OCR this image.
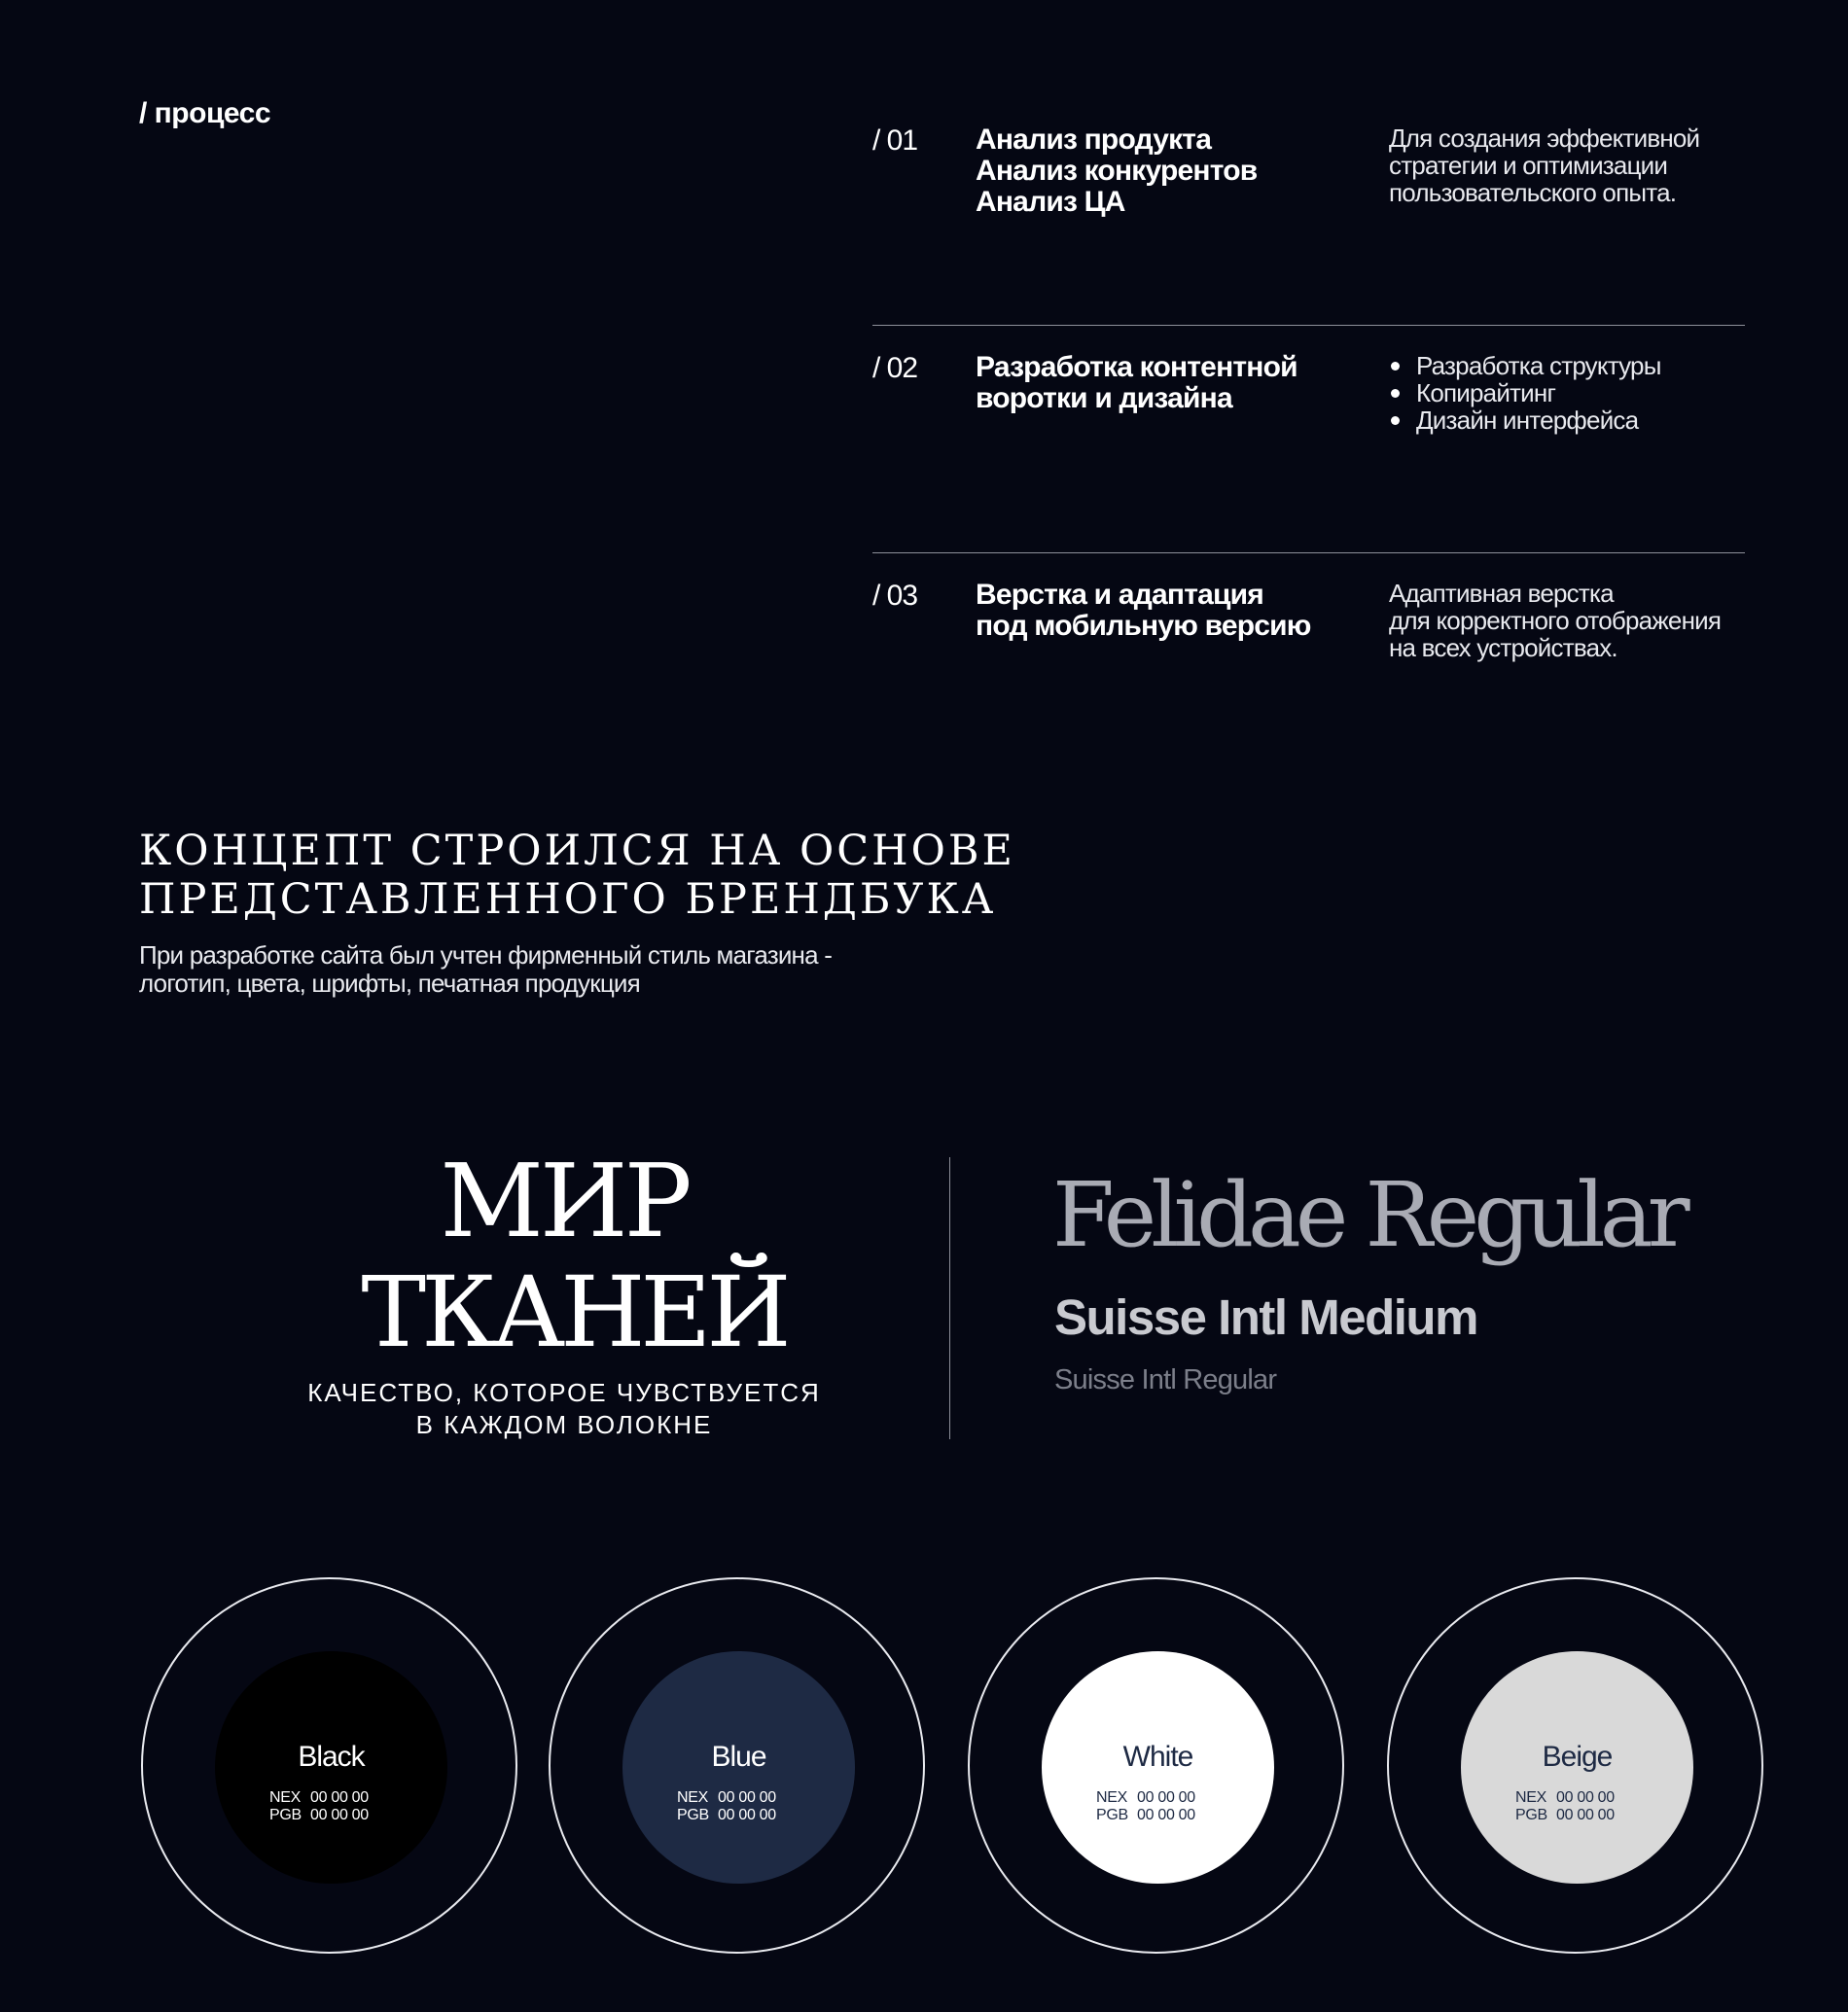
/ процесс
/ 01 Анализ продукта
Анализ конкурентов
Анализ ЦА
Для создания эффективной
стратегии и оптимизации
пользовательского опыта.
/ 02 Разработка контентной
воротки и дизайна
Разработка структуры
Копирайтинг
Дизайн интерфейса
/ 03 Верстка и адаптация
под мобильную версию
Адаптивная верстка
для корректного отображения
на всех устройствах.
КОНЦЕПТ СТРОИЛСЯ НА ОСНОВЕ
ПРЕДСТАВЛЕННОГО БРЕНДБУКА
При разработке сайта был учтен фирменный стиль магазина -
логотип, цвета, шрифты, печатная продукция
МИР
ТКАНЕЙ
КАЧЕСТВО, КОТОРОЕ ЧУВСТВУЕТСЯ
В КАЖДОМ ВОЛОКНЕ
Felidae Regular
Suisse Intl Medium
Suisse Intl Regular
Black
NEX 00 00 00
PGB 00 00 00
Blue
NEX 00 00 00
PGB 00 00 00
White
NEX 00 00 00
PGB 00 00 00
Beige
NEX 00 00 00
PGB 00 00 00
